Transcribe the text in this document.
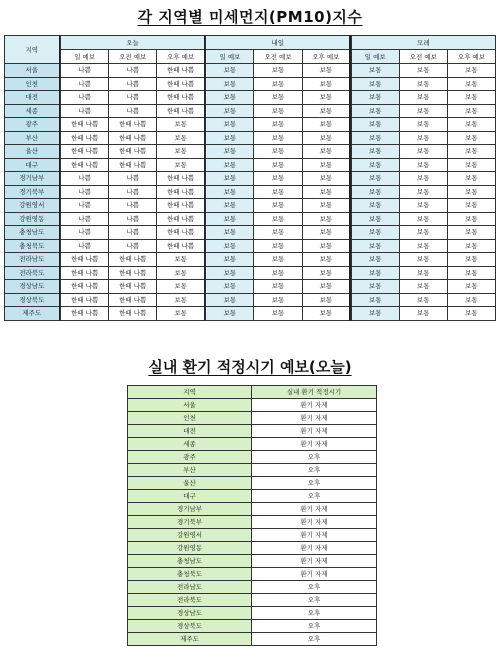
각 지역별 미세먼지(PM10)지수
지역		오늘			내일			모레		
	일 예보	오전 예보	오후 예보	일 예보	오전 예보	오후 예보	일 예보	오전 예보	오후 예보
서울	나쁨	나쁨	한때 나쁨	보통	보통	보통	보통	보통	보통
인천	나쁨	나쁨	한때 나쁨	보통	보통	보통	보통	보통	보통
대전	나쁨	나쁨	한때 나쁨	보통	보통	보통	보통	보통	보통
세종	나쁨	나쁨	한때 나쁨	보통	보통	보통	보통	보통	보통
광주	한때 나쁨	한때 나쁨	보통	보통	보통	보통	보통	보통	보통
부산	한때 나쁨	한때 나쁨	보통	보통	보통	보통	보통	보통	보통
울산	한때 나쁨	한때 나쁨	보통	보통	보통	보통	보통	보통	보통
대구	한때 나쁨	한때 나쁨	보통	보통	보통	보통	보통	보통	보통
경기남부	나쁨	나쁨	한때 나쁨	보통	보통	보통	보통	보통	보통
경기북부	나쁨	나쁨	한때 나쁨	보통	보통	보통	보통	보통	보통
강원영서	나쁨	나쁨	한때 나쁨	보통	보통	보통	보통	보통	보통
강원영동	나쁨	나쁨	한때 나쁨	보통	보통	보통	보통	보통	보통
충청남도	나쁨	나쁨	한때 나쁨	보통	보통	보통	보통	보통	보통
충청북도	나쁨	나쁨	한때 나쁨	보통	보통	보통	보통	보통	보통
전라남도	한때 나쁨	한때 나쁨	보통	보통	보통	보통	보통	보통	보통
전라북도	한때 나쁨	한때 나쁨	보통	보통	보통	보통	보통	보통	보통
경상남도	한때 나쁨	한때 나쁨	보통	보통	보통	보통	보통	보통	보통
경상북도	한때 나쁨	한때 나쁨	보통	보통	보통	보통	보통	보통	보통
제주도	한때 나쁨	한때 나쁨	보통	보통	보통	보통	보통	보통	보통
실내 환기 적정시기 예보(오늘)
지역	실내 환기 적정시기
서울	환기 자제
인천	환기 자제
대전	환기 자제
세종	환기 자제
광주	오후
부산	오후
울산	오후
대구	오후
경기남부	환기 자제
경기북부	환기 자제
강원영서	환기 자제
강원영동	환기 자제
충청남도	환기 자제
충청북도	환기 자제
전라남도	오후
전라북도	오후
경상남도	오후
경상북도	오후
제주도	오후
